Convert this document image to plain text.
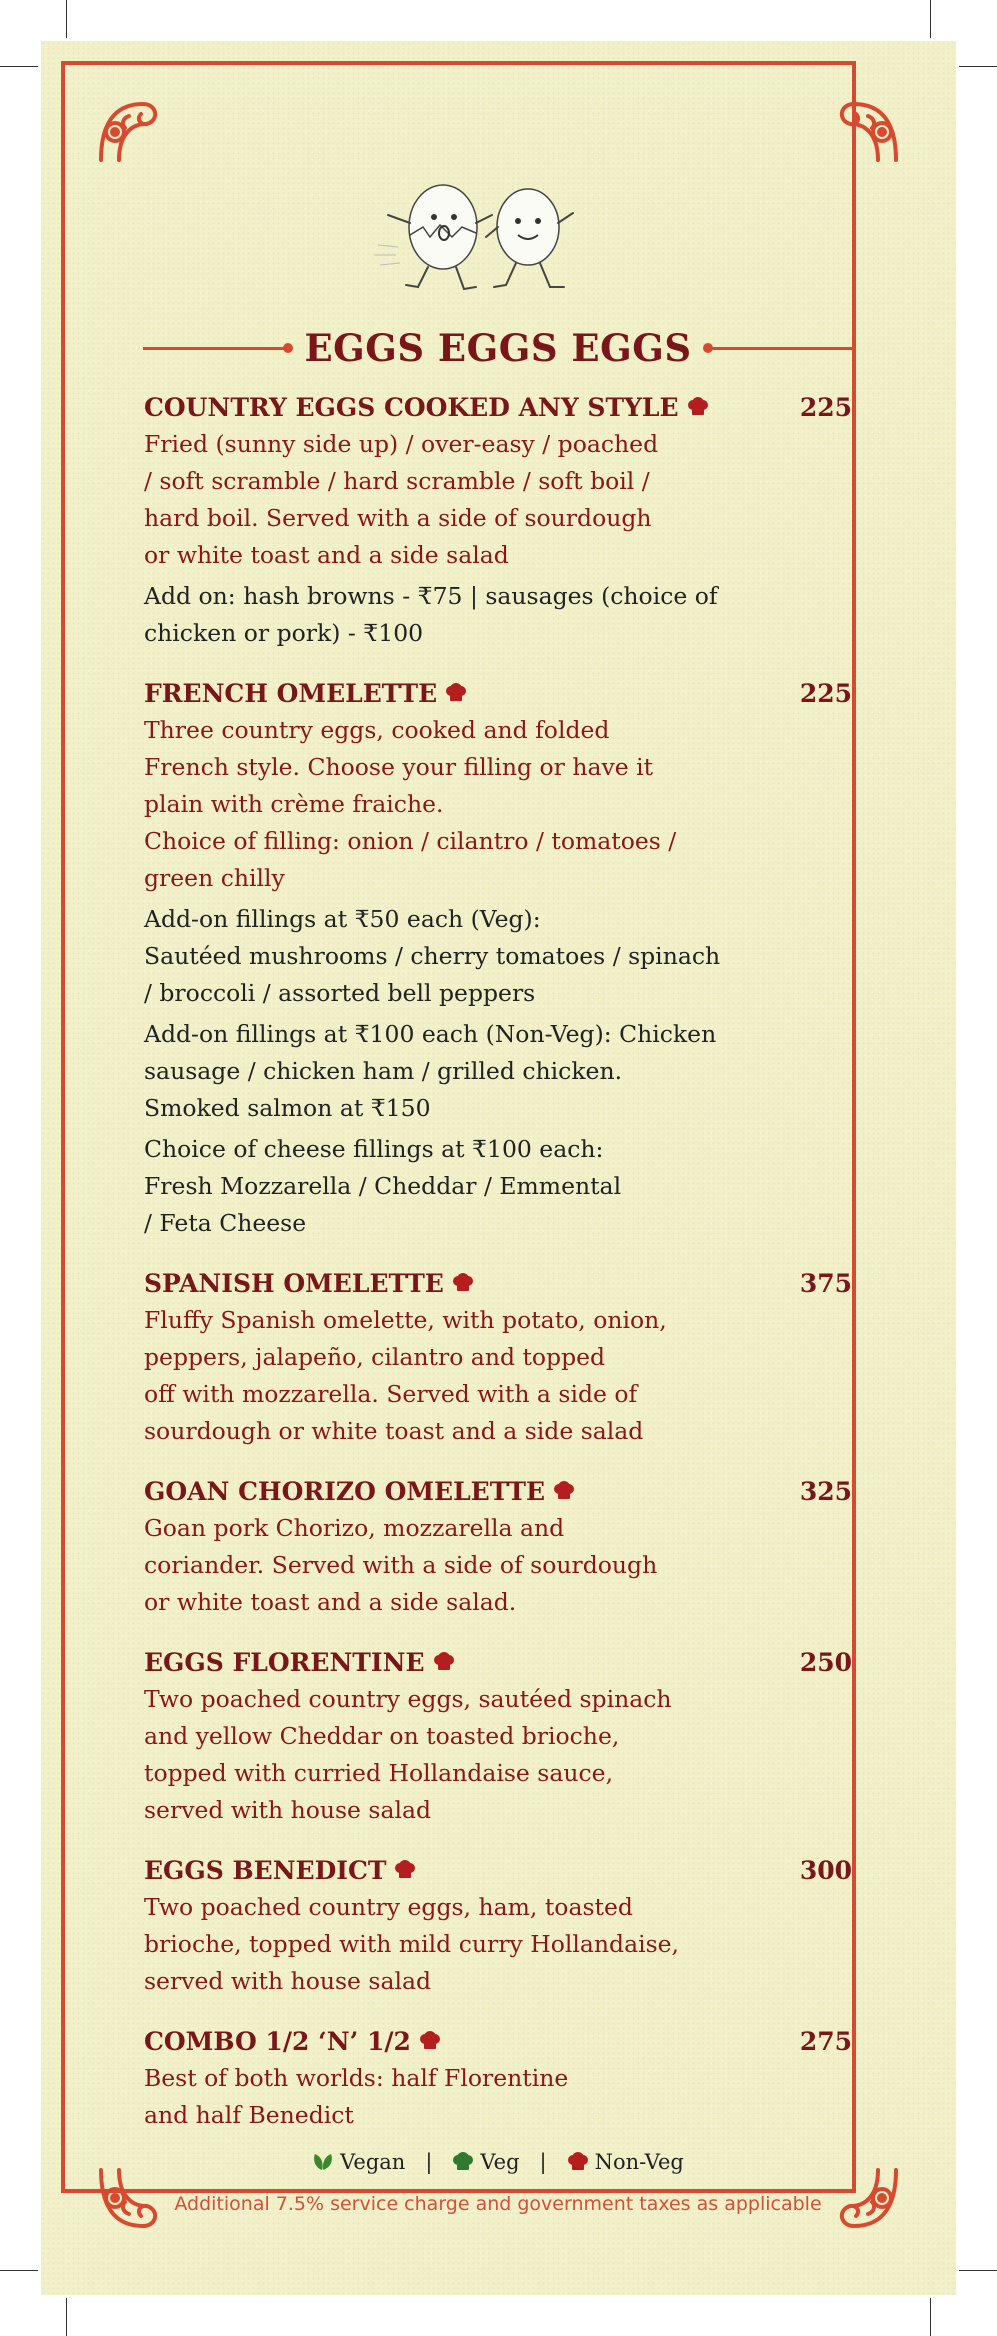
EGGS EGGS EGGS
COUNTRY EGGS COOKED ANY STYLE	225

Fried (sunny side up) / over-easy / poached
/ soft scramble / hard scramble / soft boil /
hard boil. Served with a side of sourdough
or white toast and a side salad

Add on: hash browns - ₹75 | sausages (choice of
chicken or pork) - ₹100

FRENCH OMELETTE	225

Three country eggs, cooked and folded
French style. Choose your filling or have it
plain with crème fraiche.
Choice of filling: onion / cilantro / tomatoes /
green chilly

Add-on fillings at ₹50 each (Veg):
Sautéed mushrooms / cherry tomatoes / spinach
/ broccoli / assorted bell peppers

Add-on fillings at ₹100 each (Non-Veg): Chicken
sausage / chicken ham / grilled chicken.
Smoked salmon at ₹150

Choice of cheese fillings at ₹100 each:
Fresh Mozzarella / Cheddar / Emmental
/ Feta Cheese

SPANISH OMELETTE	375

Fluffy Spanish omelette, with potato, onion,
peppers, jalapeño, cilantro and topped
off with mozzarella. Served with a side of
sourdough or white toast and a side salad

GOAN CHORIZO OMELETTE	325

Goan pork Chorizo, mozzarella and
coriander. Served with a side of sourdough
or white toast and a side salad.

EGGS FLORENTINE	250

Two poached country eggs, sautéed spinach
and yellow Cheddar on toasted brioche,
topped with curried Hollandaise sauce,
served with house salad

EGGS BENEDICT	300

Two poached country eggs, ham, toasted
brioche, topped with mild curry Hollandaise,
served with house salad

COMBO 1/2 ‘N’ 1/2	275

Best of both worlds: half Florentine
and half Benedict

Vegan | Veg | Non-Veg
Additional 7.5% service charge and government taxes as applicable
